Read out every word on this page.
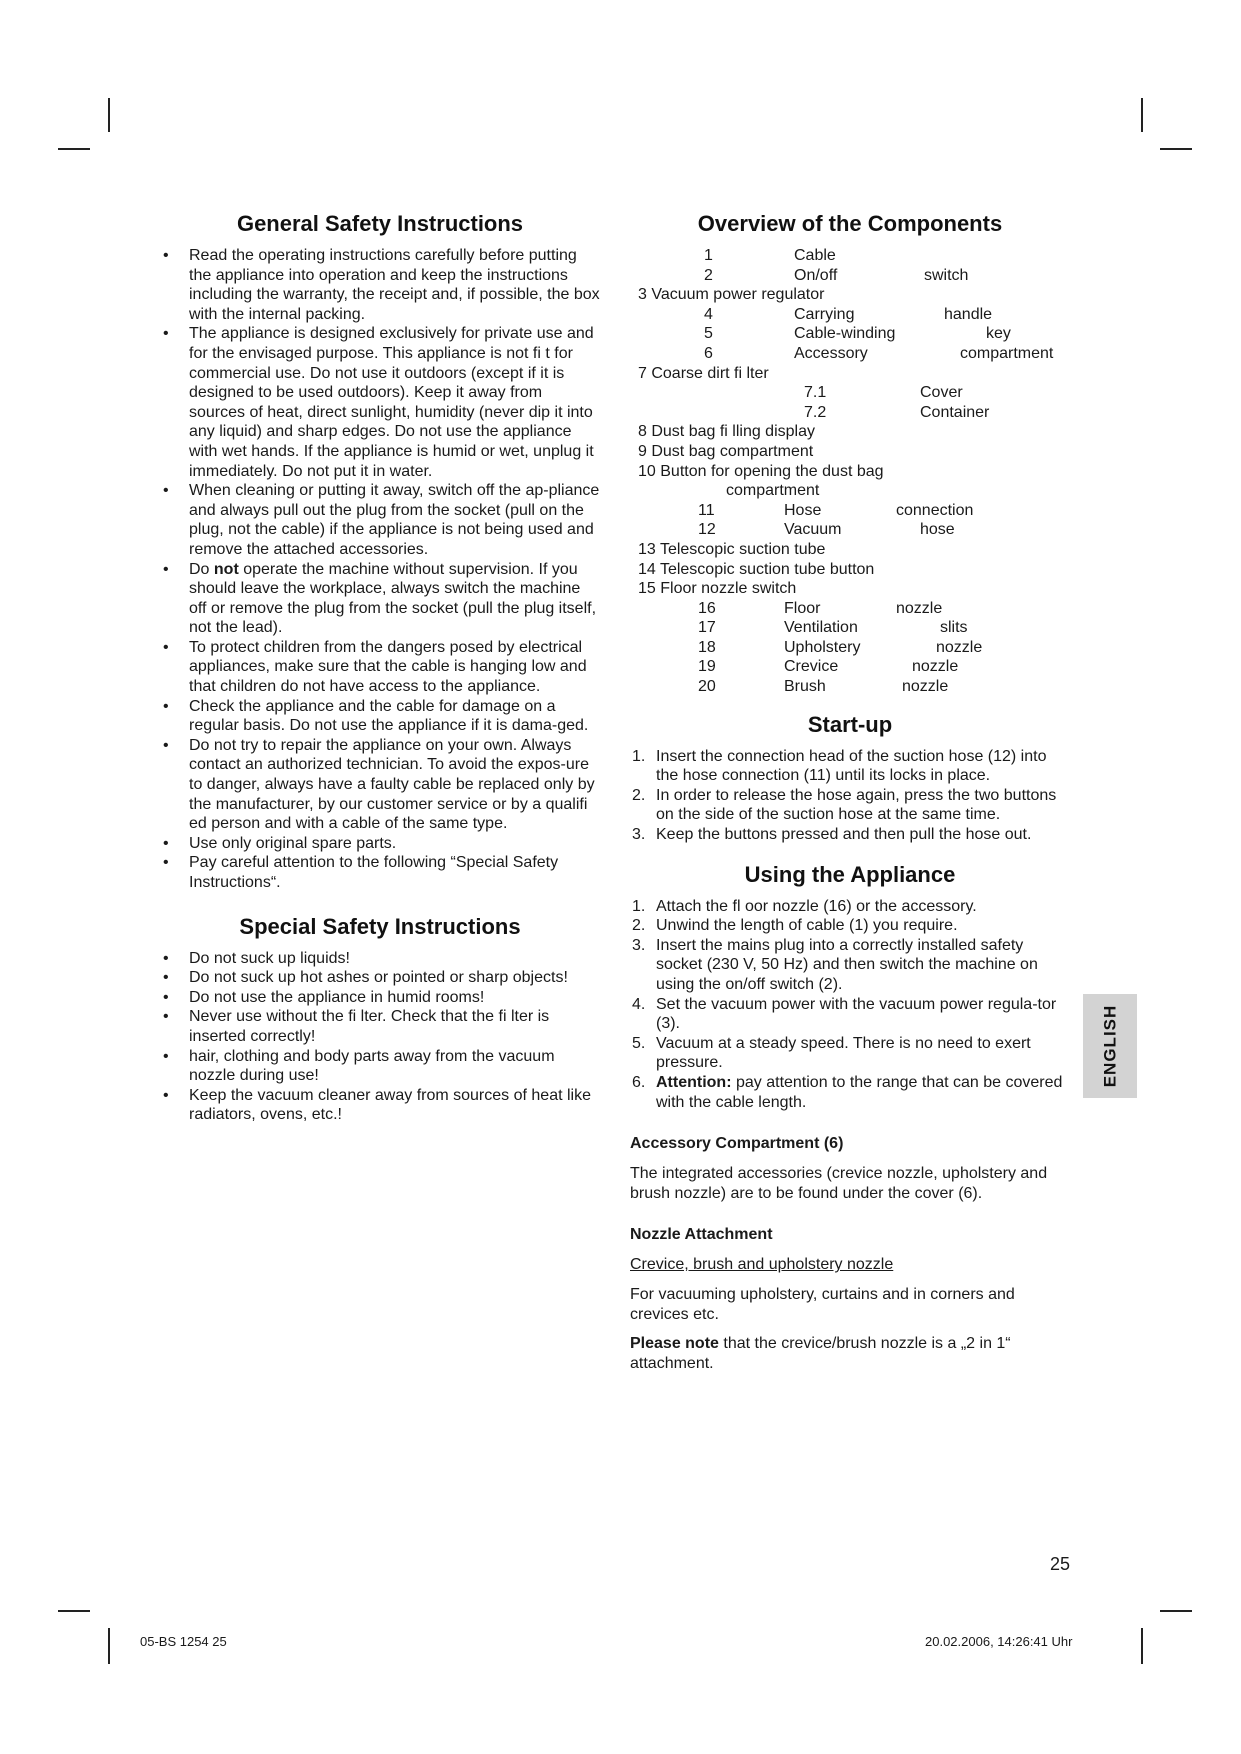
General Safety Instructions
• Read the operating instructions carefully before putting the appliance into operation and keep the instructions including the warranty, the receipt and, if possible, the box with the internal packing.
• The appliance is designed exclusively for private use and for the envisaged purpose. This appliance is not fi t for commercial use. Do not use it outdoors (except if it is designed to be used outdoors). Keep it away from sources of heat, direct sunlight, humidity (never dip it into any liquid) and sharp edges. Do not use the appliance with wet hands. If the appliance is humid or wet, unplug it immediately. Do not put it in water.
• When cleaning or putting it away, switch off the ap-pliance and always pull out the plug from the socket (pull on the plug, not the cable) if the appliance is not being used and remove the attached accessories.
• Do not operate the machine without supervision. If you should leave the workplace, always switch the machine off or remove the plug from the socket (pull the plug itself, not the lead).
• To protect children from the dangers posed by electrical appliances, make sure that the cable is hanging low and that children do not have access to the appliance.
• Check the appliance and the cable for damage on a regular basis. Do not use the appliance if it is dama-ged.
• Do not try to repair the appliance on your own. Always contact an authorized technician. To avoid the expos-ure to danger, always have a faulty cable be replaced only by the manufacturer, by our customer service or by a qualifi ed person and with a cable of the same type.
• Use only original spare parts.
• Pay careful attention to the following “Special Safety Instructions“.
Special Safety Instructions
• Do not suck up liquids!
• Do not suck up hot ashes or pointed or sharp objects!
• Do not use the appliance in humid rooms!
• Never use without the fi lter. Check that the fi lter is inserted correctly!
• hair, clothing and body parts away from the vacuum nozzle during use!
• Keep the vacuum cleaner away from sources of heat like radiators, ovens, etc.!
Overview of the Components
1	Cable
2	On/off	switch
3 Vacuum power regulator
4	Carrying	handle
5	Cable-winding	key
6	Accessory	compartment
7 Coarse dirt fi lter
7.1	Cover
7.2	Container
8 Dust bag fi lling display
9 Dust bag compartment
10 Button for opening the dust bag
compartment
11	Hose	connection
12	Vacuum	hose
13 Telescopic suction tube
14 Telescopic suction tube button
15 Floor nozzle switch
16	Floor	nozzle
17	Ventilation	slits
18	Upholstery	nozzle
19	Crevice	nozzle
20	Brush	nozzle
Start-up
1. Insert the connection head of the suction hose (12) into the hose connection (11) until its locks in place.
2. In order to release the hose again, press the two buttons on the side of the suction hose at the same time.
3. Keep the buttons pressed and then pull the hose out.
Using the Appliance
1. Attach the fl oor nozzle (16) or the accessory.
2. Unwind the length of cable (1) you require.
3. Insert the mains plug into a correctly installed safety socket (230 V, 50 Hz) and then switch the machine on using the on/off switch (2).
4. Set the vacuum power with the vacuum power regula-tor (3).
5. Vacuum at a steady speed. There is no need to exert pressure.
6. Attention: pay attention to the range that can be covered with the cable length.
Accessory Compartment (6)
The integrated accessories (crevice nozzle, upholstery and brush nozzle) are to be found under the cover (6).
Nozzle Attachment
Crevice, brush and upholstery nozzle
For vacuuming upholstery, curtains and in corners and crevices etc.
Please note that the crevice/brush nozzle is a „2 in 1“ attachment.
ENGLISH
25
05-BS 1254 25	20.02.2006, 14:26:41 Uhr
